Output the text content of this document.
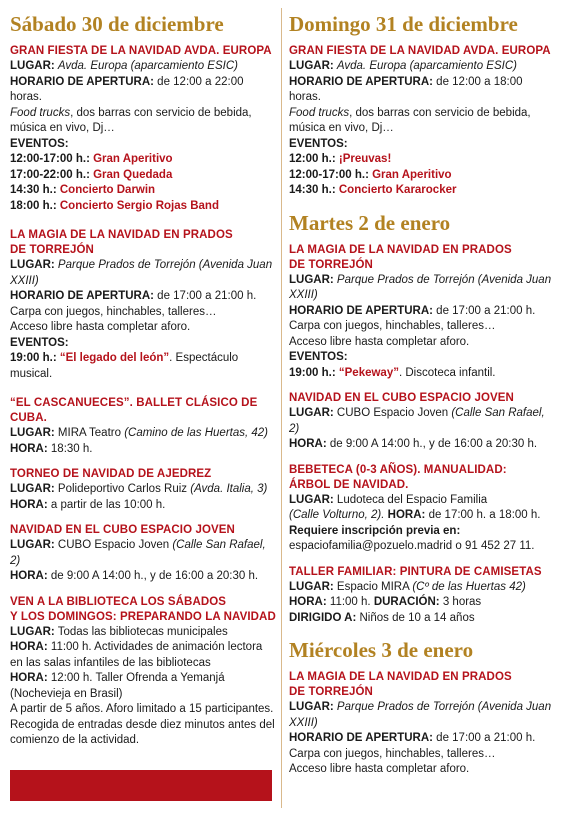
Sábado 30 de diciembre
GRAN FIESTA DE LA NAVIDAD AVDA. EUROPA
LUGAR: Avda. Europa (aparcamiento ESIC)
HORARIO DE APERTURA: de 12:00 a 22:00 horas.
Food trucks, dos barras con servicio de bebida, música en vivo, Dj…
EVENTOS:
12:00-17:00 h.: Gran Aperitivo
17:00-22:00 h.: Gran Quedada
14:30 h.: Concierto Darwin
18:00 h.: Concierto Sergio Rojas Band
LA MAGIA DE LA NAVIDAD EN PRADOS
DE TORREJÓN
LUGAR: Parque Prados de Torrejón (Avenida Juan XXIII)
HORARIO DE APERTURA: de 17:00 a 21:00 h.
Carpa con juegos, hinchables, talleres…
Acceso libre hasta completar aforo.
EVENTOS:
19:00 h.: “El legado del león”. Espectáculo musical.
“EL CASCANUECES”. BALLET CLÁSICO DE CUBA.
LUGAR: MIRA Teatro (Camino de las Huertas, 42)
HORA: 18:30 h.
TORNEO DE NAVIDAD DE AJEDREZ
LUGAR: Polideportivo Carlos Ruiz (Avda. Italia, 3)
HORA: a partir de las 10:00 h.
NAVIDAD EN EL CUBO ESPACIO JOVEN
LUGAR: CUBO Espacio Joven (Calle San Rafael, 2)
HORA: de 9:00 A 14:00 h., y de 16:00 a 20:30 h.
VEN A LA BIBLIOTECA LOS SÁBADOS
Y LOS DOMINGOS: PREPARANDO LA NAVIDAD
LUGAR: Todas las bibliotecas municipales
HORA: 11:00 h. Actividades de animación lectora en las salas infantiles de las bibliotecas
HORA: 12:00 h. Taller Ofrenda a Yemanjá (Nochevieja en Brasil)
A partir de 5 años. Aforo limitado a 15 participantes. Recogida de entradas desde diez minutos antes del comienzo de la actividad.
Domingo 31 de diciembre
GRAN FIESTA DE LA NAVIDAD AVDA. EUROPA
LUGAR: Avda. Europa (aparcamiento ESIC)
HORARIO DE APERTURA: de 12:00 a 18:00 horas.
Food trucks, dos barras con servicio de bebida, música en vivo, Dj…
EVENTOS:
12:00 h.: ¡Preuvas!
12:00-17:00 h.: Gran Aperitivo
14:30 h.: Concierto Kararocker
Martes 2 de enero
LA MAGIA DE LA NAVIDAD EN PRADOS
DE TORREJÓN
LUGAR: Parque Prados de Torrejón (Avenida Juan XXIII)
HORARIO DE APERTURA: de 17:00 a 21:00 h.
Carpa con juegos, hinchables, talleres…
Acceso libre hasta completar aforo.
EVENTOS:
19:00 h.: “Pekeway”. Discoteca infantil.
NAVIDAD EN EL CUBO ESPACIO JOVEN
LUGAR: CUBO Espacio Joven (Calle San Rafael, 2)
HORA: de 9:00 A 14:00 h., y de 16:00 a 20:30 h.
BEBETECA (0-3 AÑOS). MANUALIDAD:
ÁRBOL DE NAVIDAD.
LUGAR: Ludoteca del Espacio Familia
(Calle Volturno, 2). HORA: de 17:00 h. a 18:00 h.
Requiere inscripción previa en:
espaciofamilia@pozuelo.madrid o 91 452 27 11.
TALLER FAMILIAR: PINTURA DE CAMISETAS
LUGAR: Espacio MIRA (Cº de las Huertas 42)
HORA: 11:00 h. DURACIÓN: 3 horas
DIRIGIDO A: Niños de 10 a 14 años
Miércoles 3 de enero
LA MAGIA DE LA NAVIDAD EN PRADOS
DE TORREJÓN
LUGAR: Parque Prados de Torrejón (Avenida Juan XXIII)
HORARIO DE APERTURA: de 17:00 a 21:00 h.
Carpa con juegos, hinchables, talleres…
Acceso libre hasta completar aforo.
